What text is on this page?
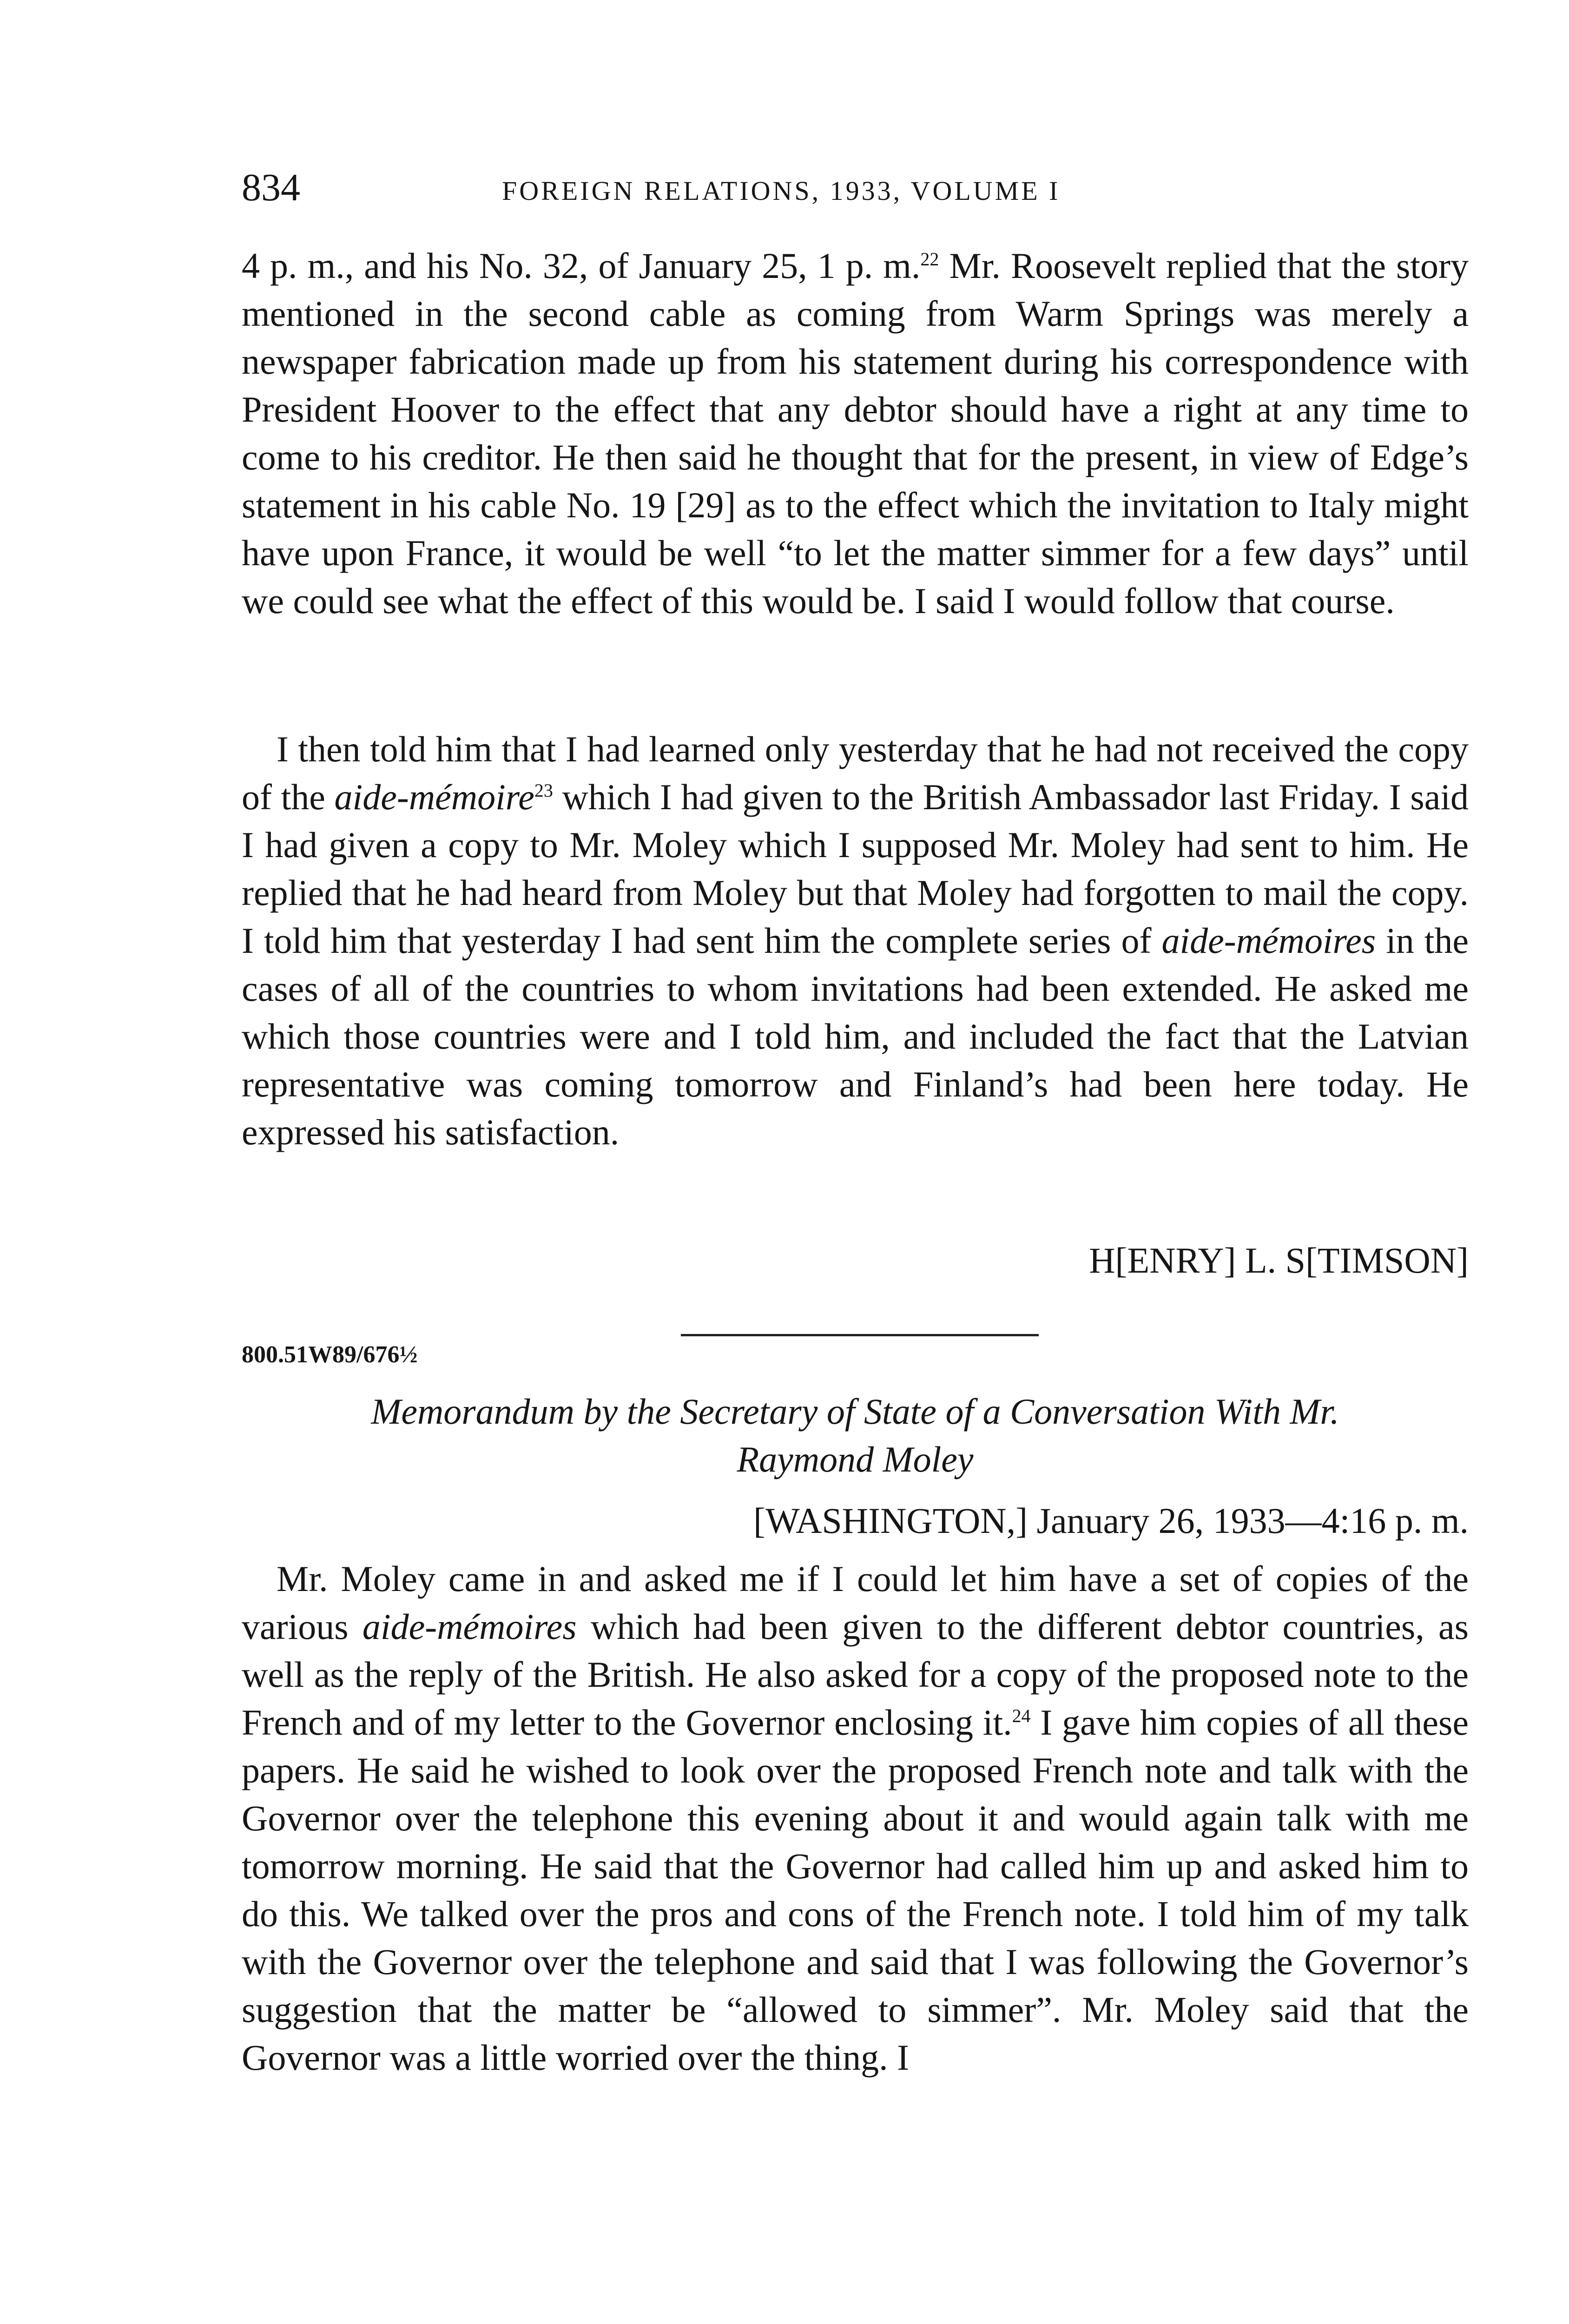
834	FOREIGN RELATIONS, 1933, VOLUME I
4 p. m., and his No. 32, of January 25, 1 p. m.$^{22}$ Mr. Roosevelt replied that the story mentioned in the second cable as coming from Warm Springs was merely a newspaper fabrication made up from his statement during his correspondence with President Hoover to the effect that any debtor should have a right at any time to come to his creditor. He then said he thought that for the present, in view of Edge’s statement in his cable No. 19 [29] as to the effect which the invitation to Italy might have upon France, it would be well “to let the matter simmer for a few days” until we could see what the effect of this would be. I said I would follow that course.
I then told him that I had learned only yesterday that he had not received the copy of the aide-mémoire$^{23}$ which I had given to the British Ambassador last Friday. I said I had given a copy to Mr. Moley which I supposed Mr. Moley had sent to him. He replied that he had heard from Moley but that Moley had forgotten to mail the copy. I told him that yesterday I had sent him the complete series of aide-mémoires in the cases of all of the countries to whom invitations had been extended. He asked me which those countries were and I told him, and included the fact that the Latvian representative was coming tomorrow and Finland’s had been here today. He expressed his satisfaction.
H[ENRY] L. S[TIMSON]
800.51W89/676½
Memorandum by the Secretary of State of a Conversation With Mr.
Raymond Moley
[WASHINGTON,] January 26, 1933—4:16 p. m.
Mr. Moley came in and asked me if I could let him have a set of copies of the various aide-mémoires which had been given to the different debtor countries, as well as the reply of the British. He also asked for a copy of the proposed note to the French and of my letter to the Governor enclosing it.$^{24}$ I gave him copies of all these papers. He said he wished to look over the proposed French note and talk with the Governor over the telephone this evening about it and would again talk with me tomorrow morning. He said that the Governor had called him up and asked him to do this. We talked over the pros and cons of the French note. I told him of my talk with the Governor over the telephone and said that I was following the Governor’s suggestion that the matter be “allowed to simmer”. Mr. Moley said that the Governor was a little worried over the thing. I
